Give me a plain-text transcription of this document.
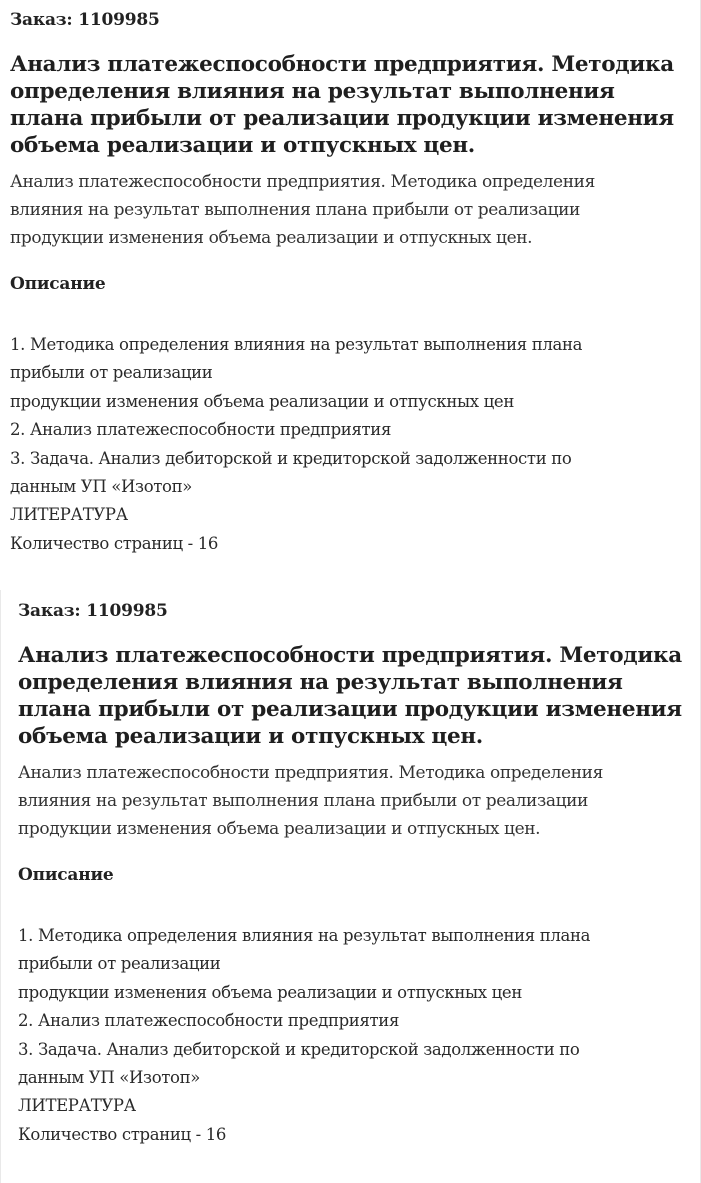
Заказ: 1109985
Анализ платежеспособности предприятия. Методика
определения влияния на результат выполнения
плана прибыли от реализации продукции изменения
объема реализации и отпускных цен.

Анализ платежеспособности предприятия. Методика определения
влияния на результат выполнения плана прибыли от реализации
продукции изменения объема реализации и отпускных цен.

Описание
1. Методика определения влияния на результат выполнения плана
прибыли от реализации
продукции изменения объема реализации и отпускных цен
2. Анализ платежеспособности предприятия
3. Задача. Анализ дебиторской и кредиторской задолженности по
данным УП «Изотоп»
ЛИТЕРАТУРА
Количество страниц - 16
Заказ: 1109985
Анализ платежеспособности предприятия. Методика
определения влияния на результат выполнения
плана прибыли от реализации продукции изменения
объема реализации и отпускных цен.

Анализ платежеспособности предприятия. Методика определения
влияния на результат выполнения плана прибыли от реализации
продукции изменения объема реализации и отпускных цен.

Описание
1. Методика определения влияния на результат выполнения плана
прибыли от реализации
продукции изменения объема реализации и отпускных цен
2. Анализ платежеспособности предприятия
3. Задача. Анализ дебиторской и кредиторской задолженности по
данным УП «Изотоп»
ЛИТЕРАТУРА
Количество страниц - 16
